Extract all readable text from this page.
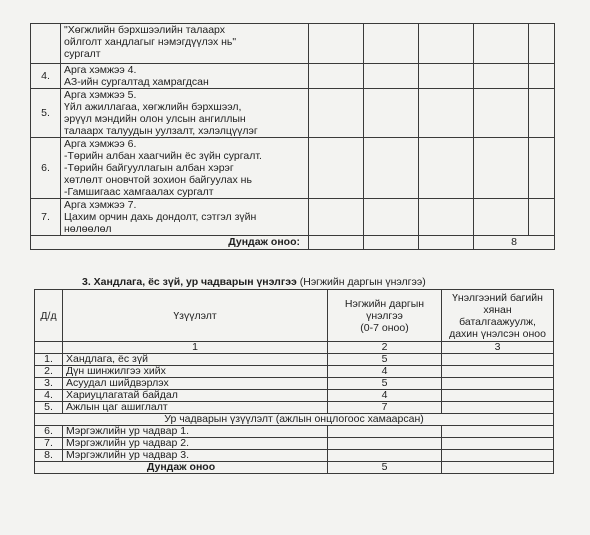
	"Хөгжлийн бэрхшээлийн талаарх
ойлголт хандлагыг нэмэгдүүлэх нь"
сургалт					
4.	Арга хэмжээ 4.
АЗ-ийн сургалтад хамрагдсан					
5.	Арга хэмжээ 5.
Үйл ажиллагаа, хөгжлийн бэрхшээл,
эрүүл мэндийн олон улсын ангиллын
талаарх талуудын уулзалт, хэлэлцүүлэг					
6.	Арга хэмжээ 6.
-Төрийн албан хаагчийн ёс зүйн сургалт.
-Төрийн байгууллагын албан хэрэг
хөтлөлт оновчтой зохион байгуулах нь
-Гамшигаас хамгаалах сургалт					
7.	Арга хэмжээ 7.
Цахим орчин дахь дондолт, сэтгэл зүйн
нөлөөлөл					
Дундаж оноо:					8	
3. Хандлага, ёс зүй, ур чадварын үнэлгээ (Нэгжийн даргын үнэлгээ)
Д/д	Үзүүлэлт	Нэгжийн даргын
үнэлгээ
(0-7 оноо)	Үнэлгээний багийн
хянан
баталгаажуулж,
дахин үнэлсэн оноо
	1	2	3
1.	Хандлага, ёс зүй	5	
2.	Дүн шинжилгээ хийх	4	
3.	Асуудал шийдвэрлэх	5	
4.	Хариуцлагатай байдал	4	
5.	Ажлын цаг ашиглалт	7	
Ур чадварын үзүүлэлт (ажлын онцлогоос хамаарсан)			
6.	Мэргэжлийн ур чадвар 1.		
7.	Мэргэжлийн ур чадвар 2.		
8.	Мэргэжлийн ур чадвар 3.		
Дундаж оноо		5	
